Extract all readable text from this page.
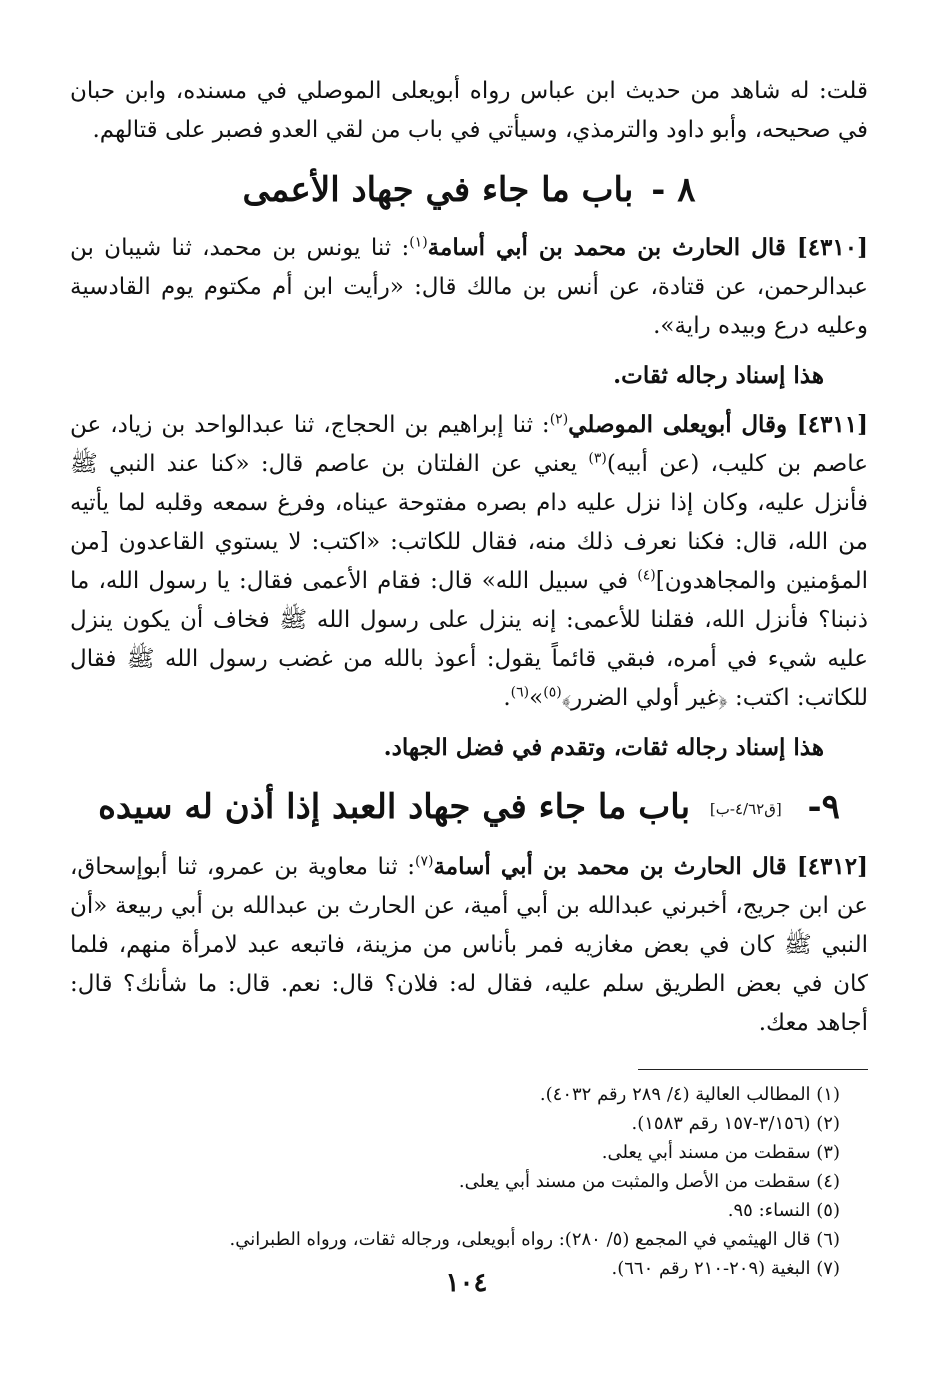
قلت: له شاهد من حديث ابن عباس رواه أبويعلى الموصلي في مسنده، وابن حبان في صحيحه، وأبو داود والترمذي، وسيأتي في باب من لقي العدو فصبر على قتالهم.

٨ - باب ما جاء في جهاد الأعمى

[٤٣١٠] قال الحارث بن محمد بن أبي أسامة$^{(١)}$: ثنا يونس بن محمد، ثنا شيبان بن عبدالرحمن، عن قتادة، عن أنس بن مالك قال: «رأيت ابن أم مكتوم يوم القادسية وعليه درع وبيده راية».

هذا إسناد رجاله ثقات.

[٤٣١١] وقال أبويعلى الموصلي$^{(٢)}$: ثنا إبراهيم بن الحجاج، ثنا عبدالواحد بن زياد، عن عاصم بن كليب، (عن أبيه)$^{(٣)}$ يعني عن الفلتان بن عاصم قال: «كنا عند النبي ﷺ فأنزل عليه، وكان إذا نزل عليه دام بصره مفتوحة عيناه، وفرغ سمعه وقلبه لما يأتيه من الله، قال: فكنا نعرف ذلك منه، فقال للكاتب: «اكتب: لا يستوي القاعدون [من المؤمنين والمجاهدون]$^{(٤)}$ في سبيل الله» قال: فقام الأعمى فقال: يا رسول الله، ما ذنبنا؟ فأنزل الله، فقلنا للأعمى: إنه ينزل على رسول الله ﷺ فخاف أن يكون ينزل عليه شيء في أمره، فبقي قائماً يقول: أعوذ بالله من غضب رسول الله ﷺ فقال للكاتب: اكتب: ﴿غير أولي الضرر﴾$^{(٥)}$»$^{(٦)}$.

هذا إسناد رجاله ثقات، وتقدم في فضل الجهاد.

٩- [ق٤/٦٢-ب] باب ما جاء في جهاد العبد إذا أذن له سيده

[٤٣١٢] قال الحارث بن محمد بن أبي أسامة$^{(٧)}$: ثنا معاوية بن عمرو، ثنا أبوإسحاق، عن ابن جريج، أخبرني عبدالله بن أبي أمية، عن الحارث بن عبدالله بن أبي ربيعة «أن النبي ﷺ كان في بعض مغازيه فمر بأناس من مزينة، فاتبعه عبد لامرأة منهم، فلما كان في بعض الطريق سلم عليه، فقال له: فلان؟ قال: نعم. قال: ما شأنك؟ قال: أجاهد معك.

(١) المطالب العالية (٤/ ٢٨٩ رقم ٤٠٣٢).
(٢) (٣/١٥٦-١٥٧ رقم ١٥٨٣).
(٣) سقطت من مسند أبي يعلى.
(٤) سقطت من الأصل والمثبت من مسند أبي يعلى.
(٥) النساء: ٩٥.
(٦) قال الهيثمي في المجمع (٥/ ٢٨٠): رواه أبويعلى، ورجاله ثقات، ورواه الطبراني.
(٧) البغية (٢٠٩-٢١٠ رقم ٦٦٠).
١٠٤
